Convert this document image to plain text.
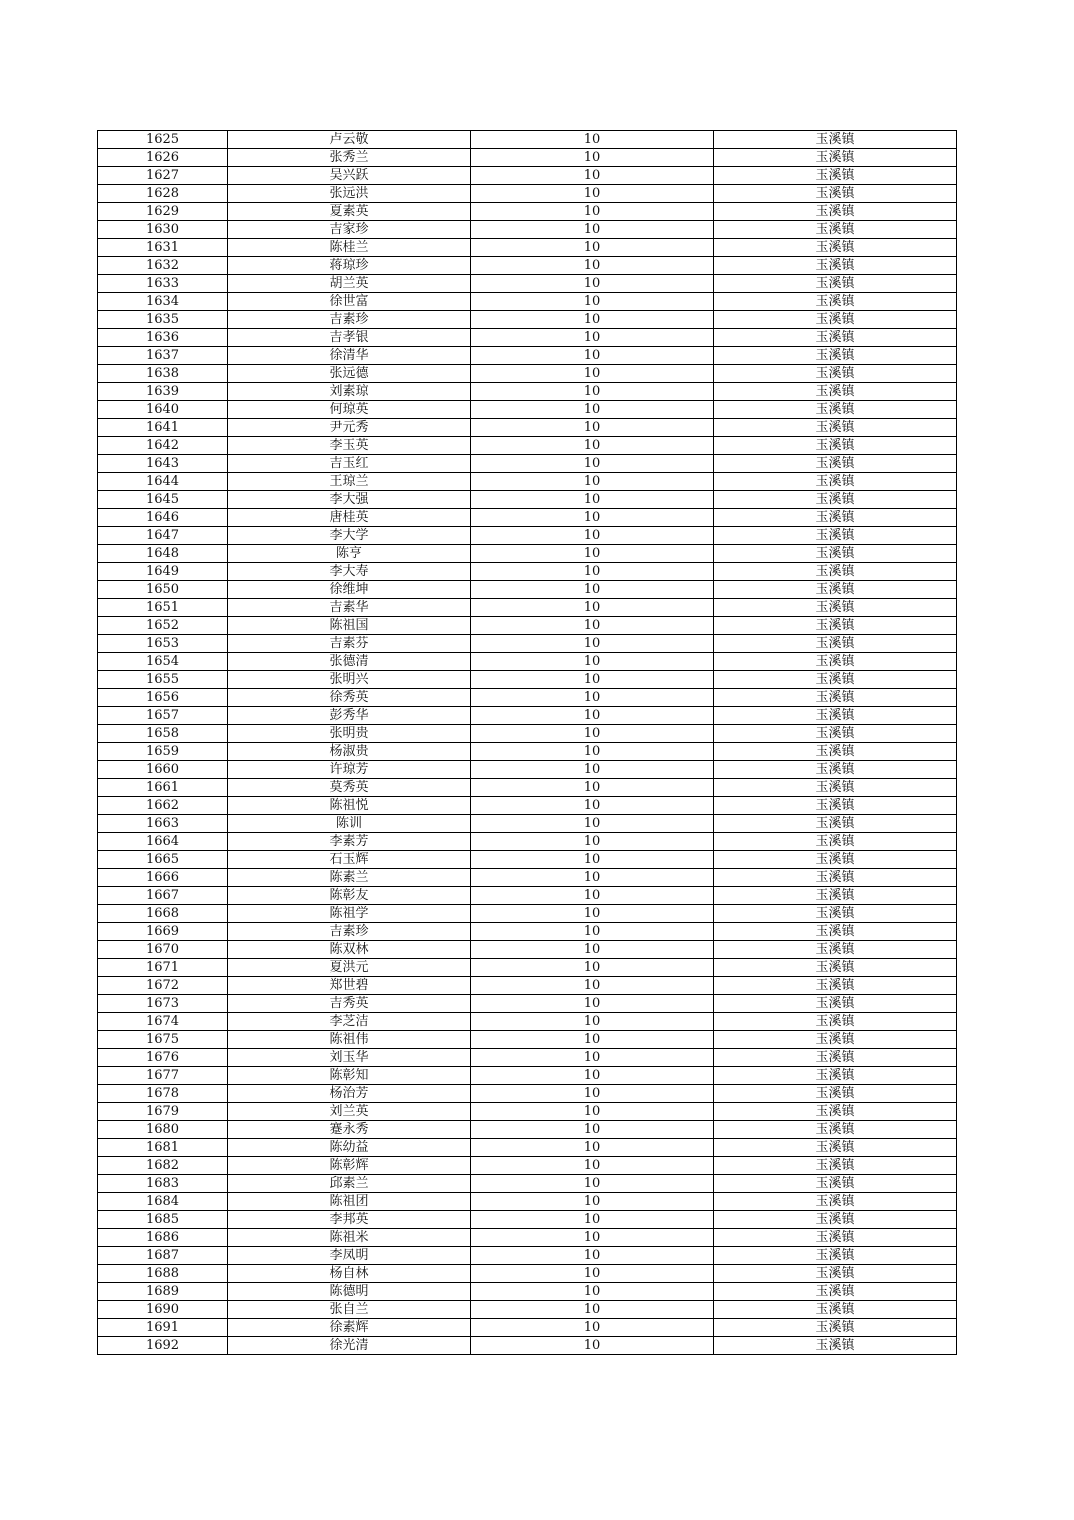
1625	卢云敬	10	玉溪镇
1626	张秀兰	10	玉溪镇
1627	吴兴跃	10	玉溪镇
1628	张远洪	10	玉溪镇
1629	夏素英	10	玉溪镇
1630	吉家珍	10	玉溪镇
1631	陈桂兰	10	玉溪镇
1632	蒋琼珍	10	玉溪镇
1633	胡兰英	10	玉溪镇
1634	徐世富	10	玉溪镇
1635	吉素珍	10	玉溪镇
1636	吉孝银	10	玉溪镇
1637	徐清华	10	玉溪镇
1638	张远德	10	玉溪镇
1639	刘素琼	10	玉溪镇
1640	何琼英	10	玉溪镇
1641	尹元秀	10	玉溪镇
1642	李玉英	10	玉溪镇
1643	吉玉红	10	玉溪镇
1644	王琼兰	10	玉溪镇
1645	李大强	10	玉溪镇
1646	唐桂英	10	玉溪镇
1647	李大学	10	玉溪镇
1648	陈亨	10	玉溪镇
1649	李大寿	10	玉溪镇
1650	徐维坤	10	玉溪镇
1651	吉素华	10	玉溪镇
1652	陈祖国	10	玉溪镇
1653	吉素芬	10	玉溪镇
1654	张德清	10	玉溪镇
1655	张明兴	10	玉溪镇
1656	徐秀英	10	玉溪镇
1657	彭秀华	10	玉溪镇
1658	张明贵	10	玉溪镇
1659	杨淑贵	10	玉溪镇
1660	许琼芳	10	玉溪镇
1661	莫秀英	10	玉溪镇
1662	陈祖悦	10	玉溪镇
1663	陈训	10	玉溪镇
1664	李素芳	10	玉溪镇
1665	石玉辉	10	玉溪镇
1666	陈素兰	10	玉溪镇
1667	陈彰友	10	玉溪镇
1668	陈祖学	10	玉溪镇
1669	吉素珍	10	玉溪镇
1670	陈双林	10	玉溪镇
1671	夏洪元	10	玉溪镇
1672	郑世碧	10	玉溪镇
1673	吉秀英	10	玉溪镇
1674	李芝洁	10	玉溪镇
1675	陈祖伟	10	玉溪镇
1676	刘玉华	10	玉溪镇
1677	陈彰知	10	玉溪镇
1678	杨治芳	10	玉溪镇
1679	刘兰英	10	玉溪镇
1680	蹇永秀	10	玉溪镇
1681	陈幼益	10	玉溪镇
1682	陈彰辉	10	玉溪镇
1683	邱素兰	10	玉溪镇
1684	陈祖团	10	玉溪镇
1685	李邦英	10	玉溪镇
1686	陈祖米	10	玉溪镇
1687	李凤明	10	玉溪镇
1688	杨自林	10	玉溪镇
1689	陈德明	10	玉溪镇
1690	张自兰	10	玉溪镇
1691	徐素辉	10	玉溪镇
1692	徐光清	10	玉溪镇
